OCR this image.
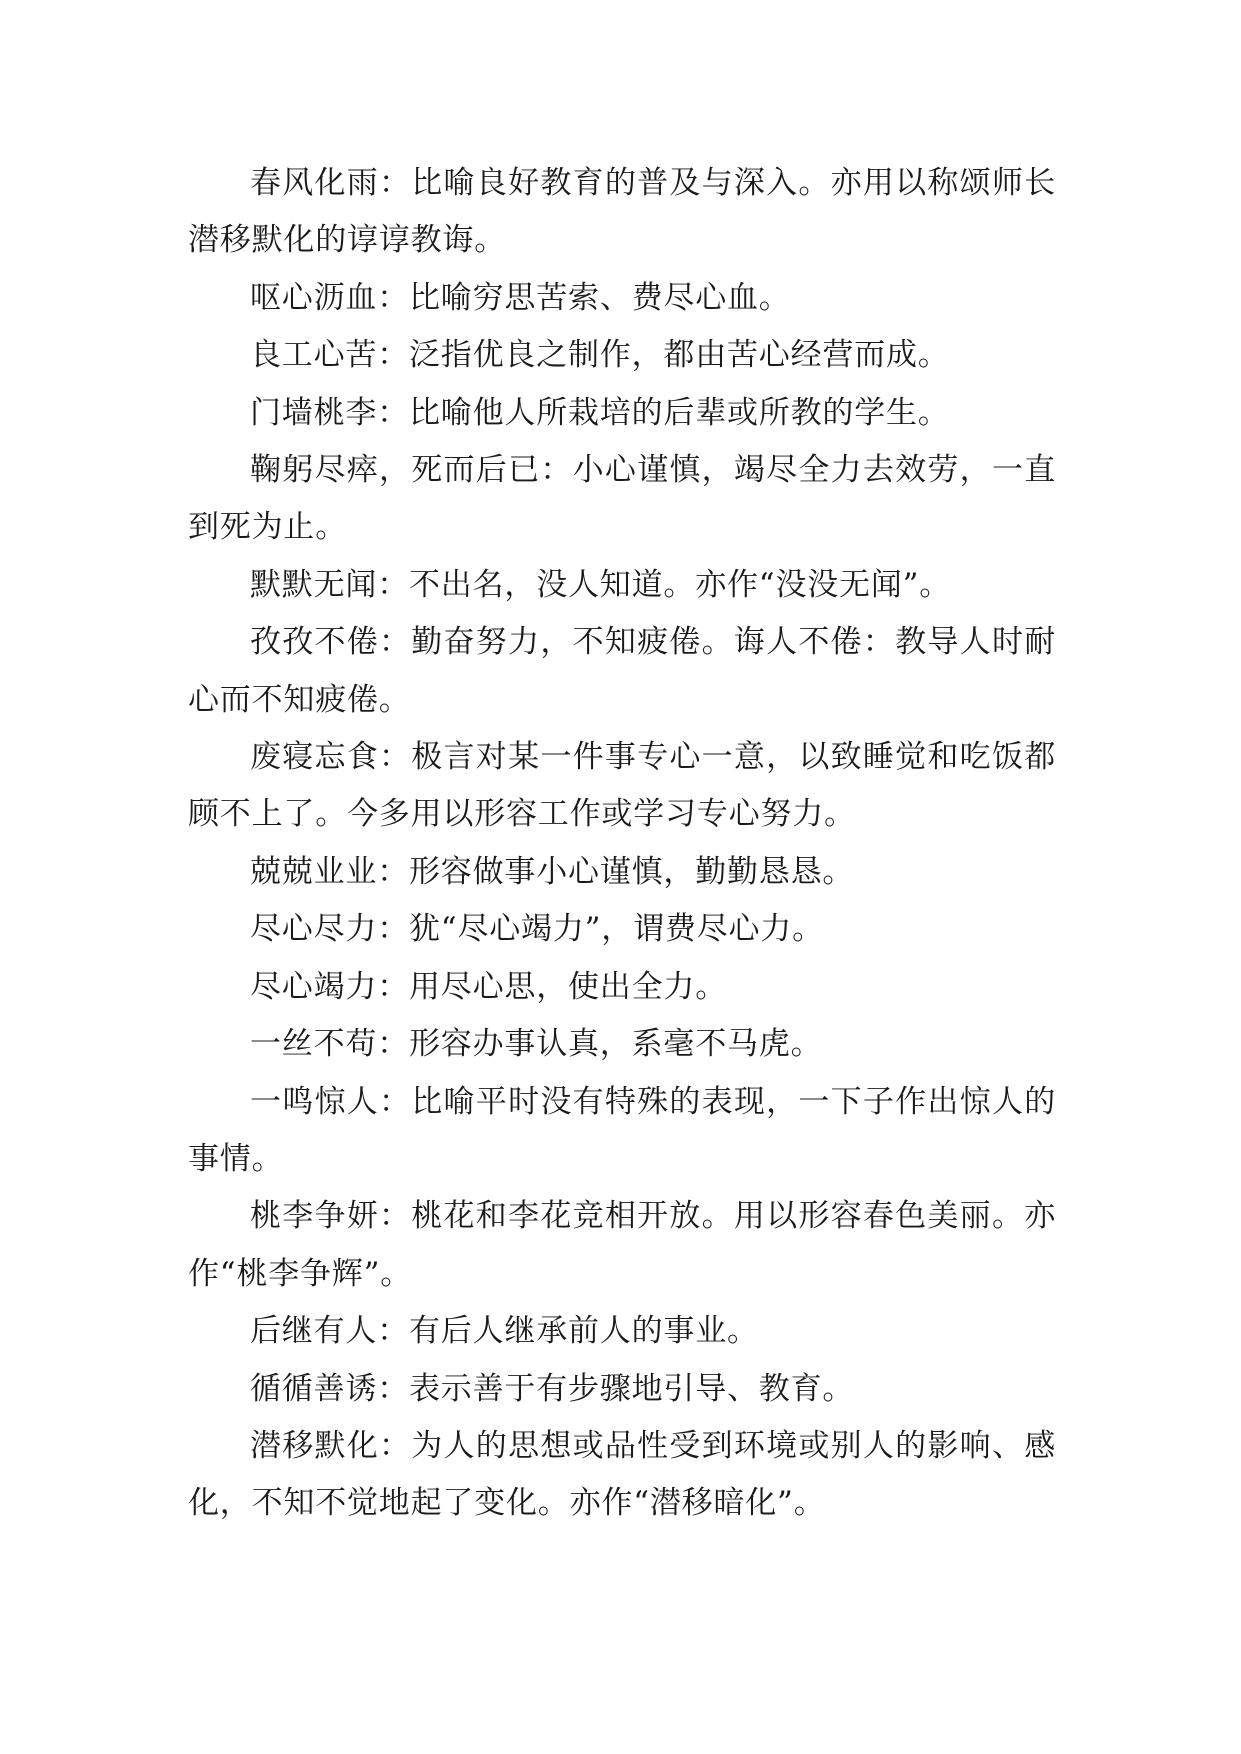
春风化雨：比喻良好教育的普及与深入。亦用以称颂师长潜移默化的谆谆教诲。

呕心沥血：比喻穷思苦索、费尽心血。

良工心苦：泛指优良之制作，都由苦心经营而成。

门墙桃李：比喻他人所栽培的后辈或所教的学生。

鞠躬尽瘁，死而后已：小心谨慎，竭尽全力去效劳，一直到死为止。

默默无闻：不出名，没人知道。亦作“没没无闻”。

孜孜不倦：勤奋努力，不知疲倦。诲人不倦：教导人时耐心而不知疲倦。

废寝忘食：极言对某一件事专心一意，以致睡觉和吃饭都顾不上了。今多用以形容工作或学习专心努力。

兢兢业业：形容做事小心谨慎，勤勤恳恳。

尽心尽力：犹“尽心竭力”，谓费尽心力。

尽心竭力：用尽心思，使出全力。

一丝不苟：形容办事认真，系毫不马虎。

一鸣惊人：比喻平时没有特殊的表现，一下子作出惊人的事情。

桃李争妍：桃花和李花竞相开放。用以形容春色美丽。亦作“桃李争辉”。

后继有人：有后人继承前人的事业。

循循善诱：表示善于有步骤地引导、教育。

潜移默化：为人的思想或品性受到环境或别人的影响、感化，不知不觉地起了变化。亦作“潜移暗化”。
